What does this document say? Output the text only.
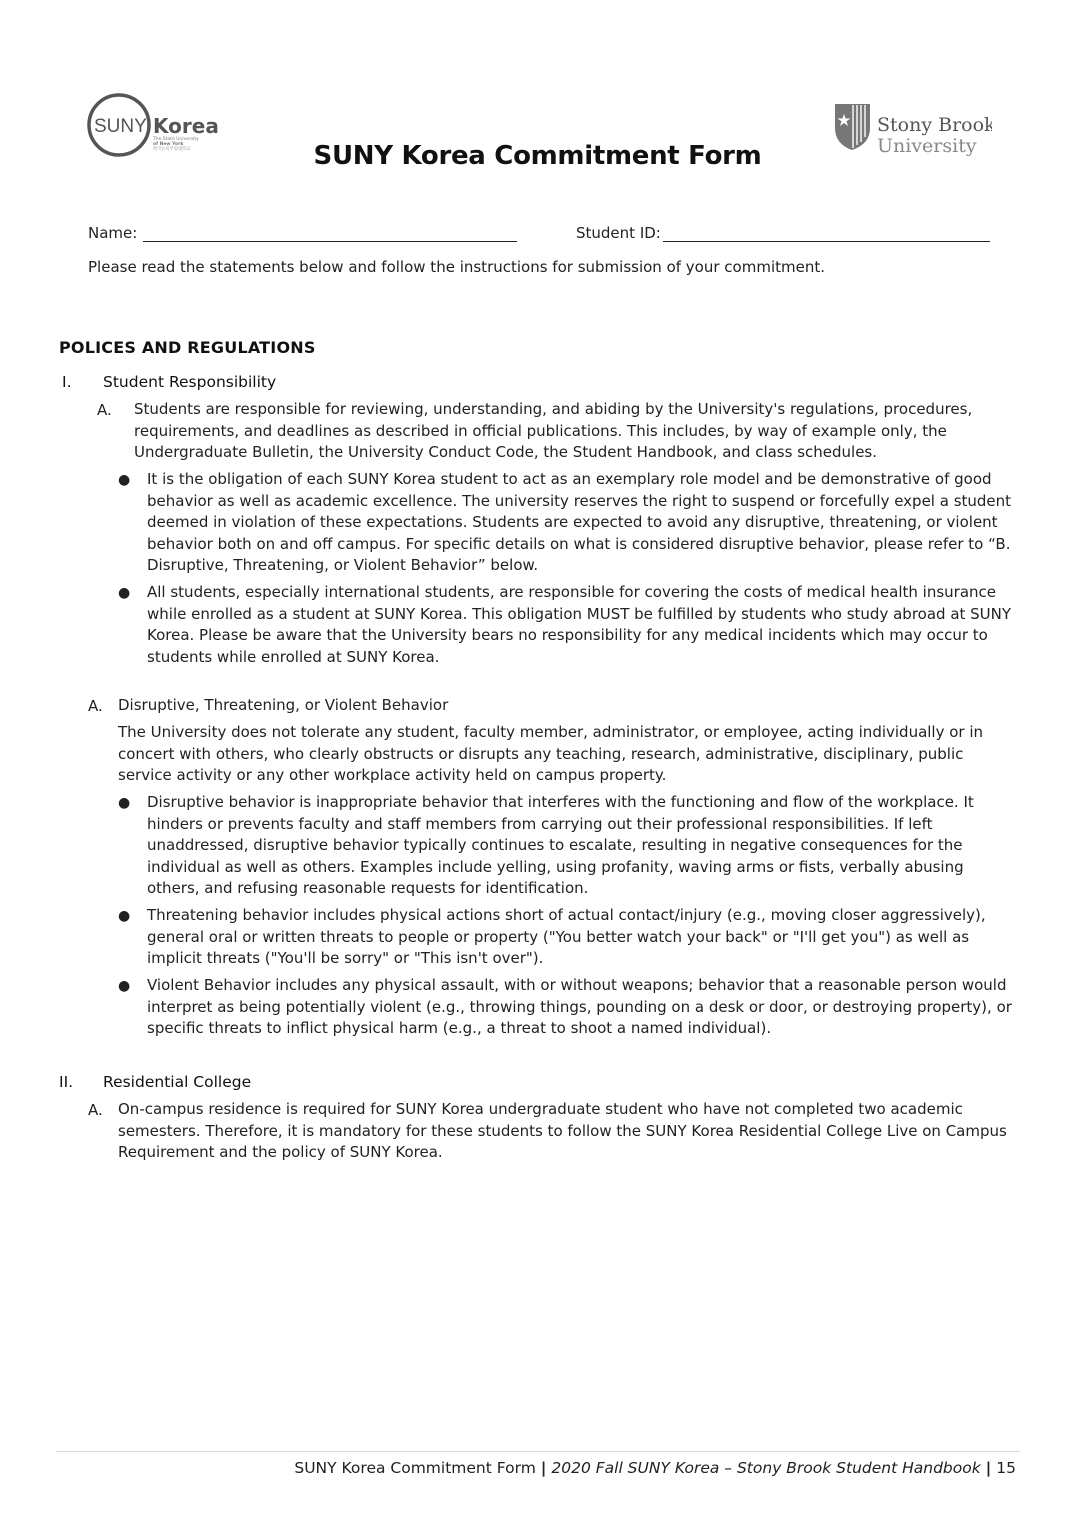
SUNY Korea
The State University
of New York
한국뉴욕주립대학교
Stony Brook
University
SUNY Korea Commitment Form
Name:	Student ID:
Please read the statements below and follow the instructions for submission of your commitment.
POLICES AND REGULATIONS
I. Student Responsibility
A. Students are responsible for reviewing, understanding, and abiding by the University's regulations, procedures, requirements, and deadlines as described in official publications. This includes, by way of example only, the Undergraduate Bulletin, the University Conduct Code, the Student Handbook, and class schedules.
● It is the obligation of each SUNY Korea student to act as an exemplary role model and be demonstrative of good behavior as well as academic excellence. The university reserves the right to suspend or forcefully expel a student deemed in violation of these expectations. Students are expected to avoid any disruptive, threatening, or violent behavior both on and off campus. For specific details on what is considered disruptive behavior, please refer to “B. Disruptive, Threatening, or Violent Behavior” below.
● All students, especially international students, are responsible for covering the costs of medical health insurance while enrolled as a student at SUNY Korea. This obligation MUST be fulfilled by students who study abroad at SUNY Korea. Please be aware that the University bears no responsibility for any medical incidents which may occur to students while enrolled at SUNY Korea.
A. Disruptive, Threatening, or Violent Behavior
The University does not tolerate any student, faculty member, administrator, or employee, acting individually or in concert with others, who clearly obstructs or disrupts any teaching, research, administrative, disciplinary, public service activity or any other workplace activity held on campus property.
● Disruptive behavior is inappropriate behavior that interferes with the functioning and flow of the workplace. It hinders or prevents faculty and staff members from carrying out their professional responsibilities. If left unaddressed, disruptive behavior typically continues to escalate, resulting in negative consequences for the individual as well as others. Examples include yelling, using profanity, waving arms or fists, verbally abusing others, and refusing reasonable requests for identification.
● Threatening behavior includes physical actions short of actual contact/injury (e.g., moving closer aggressively), general oral or written threats to people or property ("You better watch your back" or "I'll get you") as well as implicit threats ("You'll be sorry" or "This isn't over").
● Violent Behavior includes any physical assault, with or without weapons; behavior that a reasonable person would interpret as being potentially violent (e.g., throwing things, pounding on a desk or door, or destroying property), or specific threats to inflict physical harm (e.g., a threat to shoot a named individual).
II. Residential College
A. On-campus residence is required for SUNY Korea undergraduate student who have not completed two academic semesters. Therefore, it is mandatory for these students to follow the SUNY Korea Residential College Live on Campus Requirement and the policy of SUNY Korea.
SUNY Korea Commitment Form | 2020 Fall SUNY Korea – Stony Brook Student Handbook | 15
